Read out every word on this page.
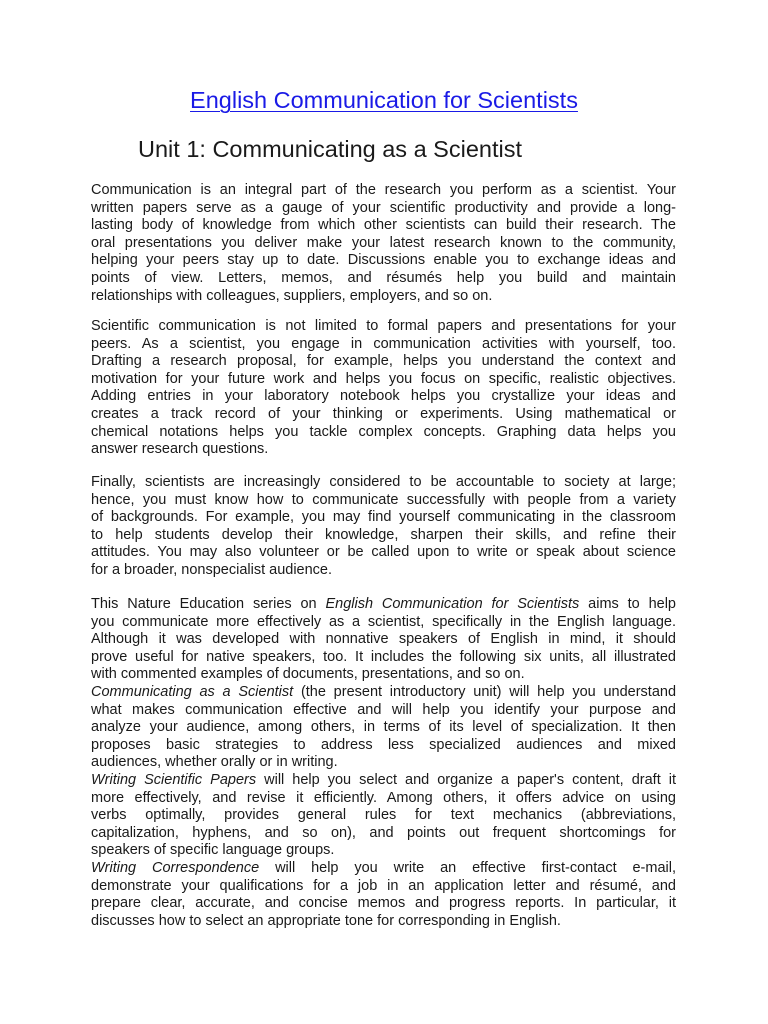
English Communication for Scientists
Unit 1: Communicating as a Scientist
Communication is an integral part of the research you perform as a scientist. Your
written papers serve as a gauge of your scientific productivity and provide a long-
lasting body of knowledge from which other scientists can build their research. The
oral presentations you deliver make your latest research known to the community,
helping your peers stay up to date. Discussions enable you to exchange ideas and
points of view. Letters, memos, and résumés help you build and maintain
relationships with colleagues, suppliers, employers, and so on.
Scientific communication is not limited to formal papers and presentations for your
peers. As a scientist, you engage in communication activities with yourself, too.
Drafting a research proposal, for example, helps you understand the context and
motivation for your future work and helps you focus on specific, realistic objectives.
Adding entries in your laboratory notebook helps you crystallize your ideas and
creates a track record of your thinking or experiments. Using mathematical or
chemical notations helps you tackle complex concepts. Graphing data helps you
answer research questions.
Finally, scientists are increasingly considered to be accountable to society at large;
hence, you must know how to communicate successfully with people from a variety
of backgrounds. For example, you may find yourself communicating in the classroom
to help students develop their knowledge, sharpen their skills, and refine their
attitudes. You may also volunteer or be called upon to write or speak about science
for a broader, nonspecialist audience.
This Nature Education series on English Communication for Scientists aims to help
you communicate more effectively as a scientist, specifically in the English language.
Although it was developed with nonnative speakers of English in mind, it should
prove useful for native speakers, too. It includes the following six units, all illustrated
with commented examples of documents, presentations, and so on.
Communicating as a Scientist (the present introductory unit) will help you understand
what makes communication effective and will help you identify your purpose and
analyze your audience, among others, in terms of its level of specialization. It then
proposes basic strategies to address less specialized audiences and mixed
audiences, whether orally or in writing.
Writing Scientific Papers will help you select and organize a paper's content, draft it
more effectively, and revise it efficiently. Among others, it offers advice on using
verbs optimally, provides general rules for text mechanics (abbreviations,
capitalization, hyphens, and so on), and points out frequent shortcomings for
speakers of specific language groups.
Writing Correspondence will help you write an effective first-contact e-mail,
demonstrate your qualifications for a job in an application letter and résumé, and
prepare clear, accurate, and concise memos and progress reports. In particular, it
discusses how to select an appropriate tone for corresponding in English.
